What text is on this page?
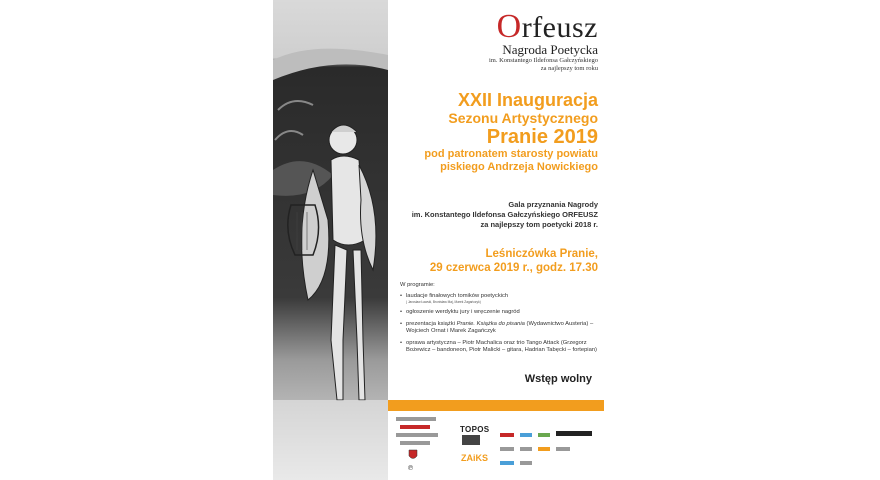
Orfeusz
Nagroda Poetycka
im. Konstantego Ildefonsa Gałczyńskiego
za najlepszy tom roku
XXII Inauguracja
Sezonu Artystycznego
Pranie 2019
pod patronatem starosty powiatu
piskiego Andrzeja Nowickiego
Gala przyznania Nagrody
im. Konstantego Ildefonsa Gałczyńskiego ORFEUSZ
za najlepszy tom poetycki 2018 r.
Leśniczówka Pranie,
29 czerwca 2019 r., godz. 17.30
W programie:
• laudacje finałowych tomików poetyckich
( Jarosław Ławski, Bronisław Maj, Marek Zagańczyk)
• ogłoszenie werdyktu jury i wręczenie nagród
• prezentacja książki Pranie. Książka do pisania (Wydawnictwo Austeria) – Wojciech Ornat i Marek Zagańczyk
• oprawa artystyczna – Piotr Machalica oraz trio Tango Attack (Grzegorz Bożewicz – bandoneon, Piotr Malicki – gitara, Hadrian Tabęcki – fortepian)
Wstęp wolny
℗
TOPOS
ZAiKS
